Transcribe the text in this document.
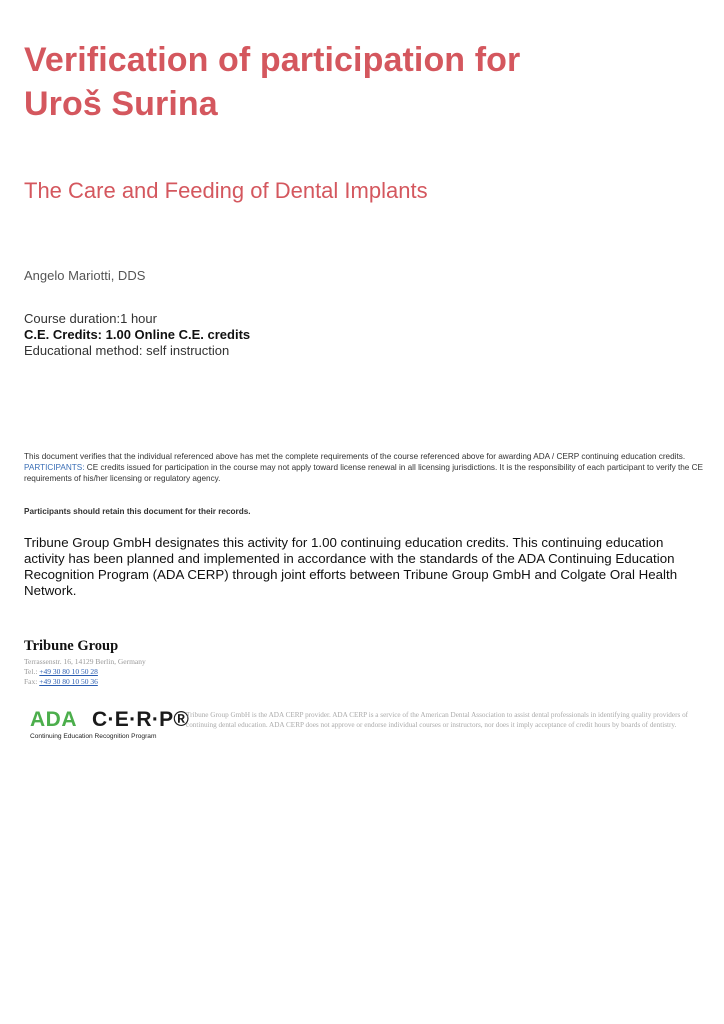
Verification of participation for
Uroš Surina
The Care and Feeding of Dental Implants
Angelo Mariotti, DDS
Course duration:1 hour
C.E. Credits: 1.00 Online C.E. credits
Educational method: self instruction

This document verifies that the individual referenced above has met the complete requirements of the course referenced above for awarding ADA / CERP continuing education credits.

PARTICIPANTS: CE credits issued for participation in the course may not apply toward license renewal in all licensing jurisdictions. It is the responsibility of each participant to verify the CE requirements of his/her licensing or regulatory agency.

Participants should retain this document for their records.
Tribune Group GmbH designates this activity for 1.00 continuing education credits. This continuing education activity has been planned and implemented in accordance with the standards of the ADA Continuing Education Recognition Program (ADA CERP) through joint efforts between Tribune Group GmbH and Colgate Oral Health Network.
Tribune Group
Terrassenstr. 16, 14129 Berlin, Germany
Tel.: +49 30 80 10 50 28
Fax: +49 30 80 10 50 36
ADA C·E·R·P®
Continuing Education Recognition Program
Tribune Group GmbH is the ADA CERP provider. ADA CERP is a service of the American Dental Association to assist dental professionals in identifying quality providers of continuing dental education. ADA CERP does not approve or endorse individual courses or instructors, nor does it imply acceptance of credit hours by boards of dentistry.
